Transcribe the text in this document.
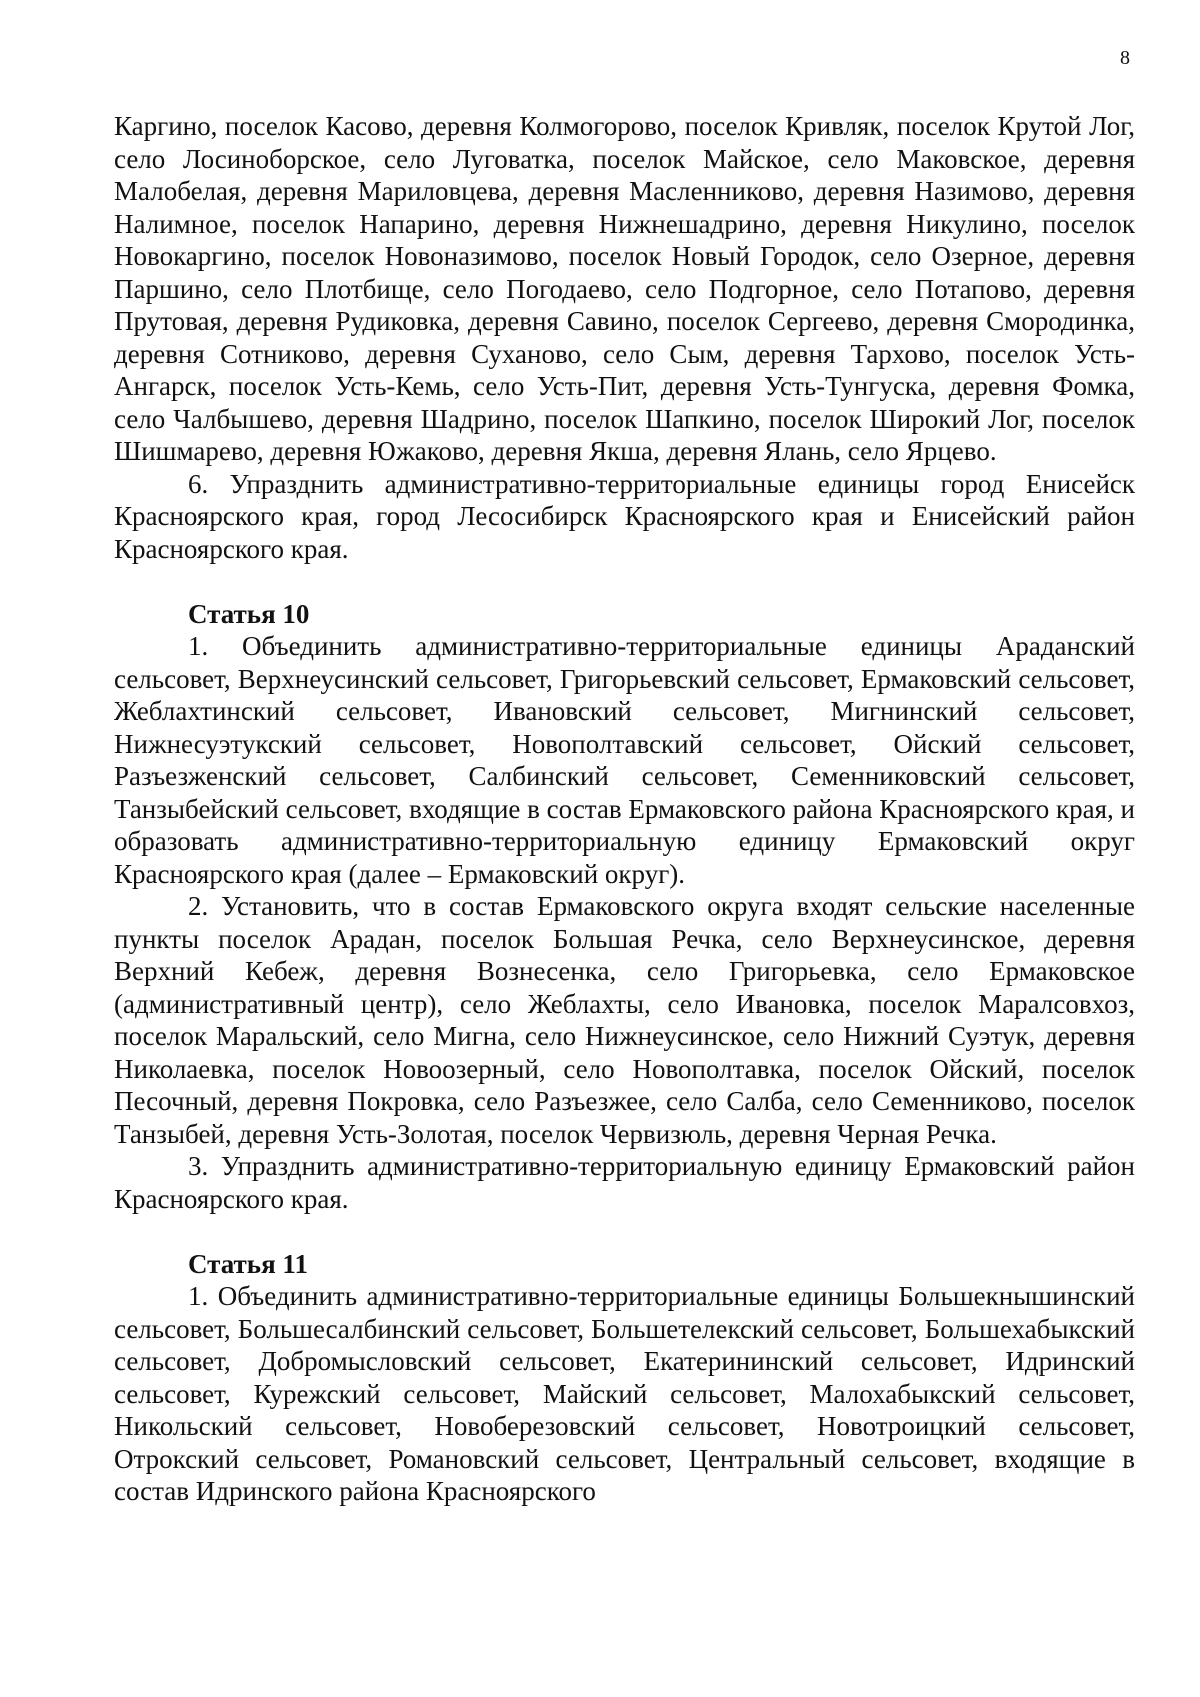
8

Каргино, поселок Касово, деревня Колмогорово, поселок Кривляк, поселок Крутой Лог, село Лосиноборское, село Луговатка, поселок Майское, село Маковское, деревня Малобелая, деревня Мариловцева, деревня Масленниково, деревня Назимово, деревня Налимное, поселок Напарино, деревня Нижнешадрино, деревня Никулино, поселок Новокаргино, поселок Новоназимово, поселок Новый Городок, село Озерное, деревня Паршино, село Плотбище, село Погодаево, село Подгорное, село Потапово, деревня Прутовая, деревня Рудиковка, деревня Савино, поселок Сергеево, деревня Смородинка, деревня Сотниково, деревня Суханово, село Сым, деревня Тархово, поселок Усть-Ангарск, поселок Усть-Кемь, село Усть-Пит, деревня Усть-Тунгуска, деревня Фомка, село Чалбышево, деревня Шадрино, поселок Шапкино, поселок Широкий Лог, поселок Шишмарево, деревня Южаково, деревня Якша, деревня Ялань, село Ярцево.

6. Упразднить административно-территориальные единицы город Енисейск Красноярского края, город Лесосибирск Красноярского края и Енисейский район Красноярского края.

Статья 10

1. Объединить административно-территориальные единицы Араданский сельсовет, Верхнеусинский сельсовет, Григорьевский сельсовет, Ермаковский сельсовет, Жеблахтинский сельсовет, Ивановский сельсовет, Мигнинский сельсовет, Нижнесуэтукский сельсовет, Новополтавский сельсовет, Ойский сельсовет, Разъезженский сельсовет, Салбинский сельсовет, Семенниковский сельсовет, Танзыбейский сельсовет, входящие в состав Ермаковского района Красноярского края, и образовать административно-территориальную единицу Ермаковский округ Красноярского края (далее – Ермаковский округ).

2. Установить, что в состав Ермаковского округа входят сельские населенные пункты поселок Арадан, поселок Большая Речка, село Верхнеусинское, деревня Верхний Кебеж, деревня Вознесенка, село Григорьевка, село Ермаковское (административный центр), село Жеблахты, село Ивановка, поселок Маралсовхоз, поселок Маральский, село Мигна, село Нижнеусинское, село Нижний Суэтук, деревня Николаевка, поселок Новоозерный, село Новополтавка, поселок Ойский, поселок Песочный, деревня Покровка, село Разъезжее, село Салба, село Семенниково, поселок Танзыбей, деревня Усть-Золотая, поселок Червизюль, деревня Черная Речка.

3. Упразднить административно-территориальную единицу Ермаковский район Красноярского края.

Статья 11

1. Объединить административно-территориальные единицы Большекнышинский сельсовет, Большесалбинский сельсовет, Большетелекский сельсовет, Большехабыкский сельсовет, Добромысловский сельсовет, Екатерининский сельсовет, Идринский сельсовет, Курежский сельсовет, Майский сельсовет, Малохабыкский сельсовет, Никольский сельсовет, Новоберезовский сельсовет, Новотроицкий сельсовет, Отрокский сельсовет, Романовский сельсовет, Центральный сельсовет, входящие в состав Идринского района Красноярского
